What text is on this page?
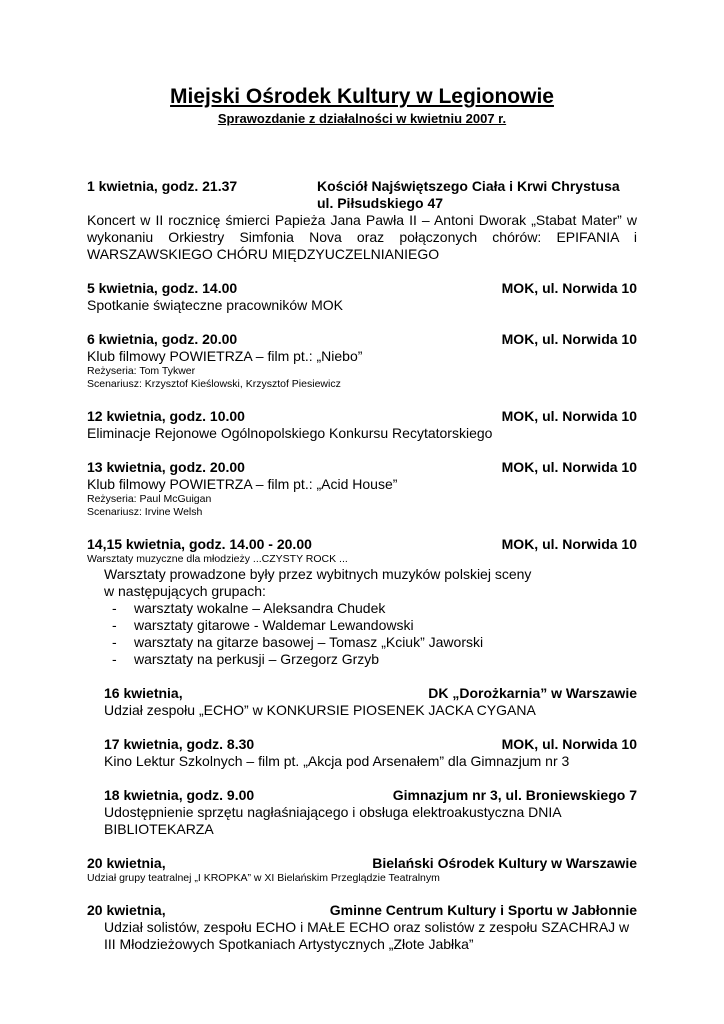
Miejski Ośrodek Kultury w Legionowie
Sprawozdanie z działalności w kwietniu 2007 r.
1 kwietnia, godz. 21.37	Kościół Najświętszego Ciała i Krwi Chrystusa
ul. Piłsudskiego 47
Koncert w II rocznicę śmierci Papieża Jana Pawła II – Antoni Dworak „Stabat Mater” w wykonaniu Orkiestry Simfonia Nova oraz połączonych chórów: EPIFANIA i WARSZAWSKIEGO CHÓRU MIĘDZYUCZELNIANIEGO
5 kwietnia, godz. 14.00	MOK, ul. Norwida 10
Spotkanie świąteczne pracowników MOK
6 kwietnia, godz. 20.00	MOK, ul. Norwida 10
Klub filmowy POWIETRZA – film pt.: „Niebo”
Reżyseria: Tom Tykwer
Scenariusz: Krzysztof Kieślowski, Krzysztof Piesiewicz
12 kwietnia, godz. 10.00	MOK, ul. Norwida 10
Eliminacje Rejonowe Ogólnopolskiego Konkursu Recytatorskiego
13 kwietnia, godz. 20.00	MOK, ul. Norwida 10
Klub filmowy POWIETRZA – film pt.: „Acid House”
Reżyseria: Paul McGuigan
Scenariusz: Irvine Welsh
14,15 kwietnia, godz. 14.00 - 20.00	MOK, ul. Norwida 10
Warsztaty muzyczne dla młodzieży ...CZYSTY ROCK ...
Warsztaty prowadzone były przez wybitnych muzyków polskiej sceny
w następujących grupach:
- warsztaty wokalne – Aleksandra Chudek
- warsztaty gitarowe - Waldemar Lewandowski
- warsztaty na gitarze basowej – Tomasz „Kciuk” Jaworski
- warsztaty na perkusji – Grzegorz Grzyb
16 kwietnia,	DK „Dorożkarnia” w Warszawie
Udział zespołu „ECHO” w KONKURSIE PIOSENEK JACKA CYGANA
17 kwietnia, godz. 8.30	MOK, ul. Norwida 10
Kino Lektur Szkolnych – film pt. „Akcja pod Arsenałem” dla Gimnazjum nr 3
18 kwietnia, godz. 9.00	Gimnazjum nr 3, ul. Broniewskiego 7
Udostępnienie sprzętu nagłaśniającego i obsługa elektroakustyczna DNIA BIBLIOTEKARZA
20 kwietnia,	Bielański Ośrodek Kultury w Warszawie
Udział grupy teatralnej „I KROPKA” w XI Bielańskim Przeglądzie Teatralnym
20 kwietnia,	Gminne Centrum Kultury i Sportu w Jabłonnie
Udział solistów, zespołu ECHO i MAŁE ECHO oraz solistów z zespołu SZACHRAJ w III Młodzieżowych Spotkaniach Artystycznych „Złote Jabłka”
